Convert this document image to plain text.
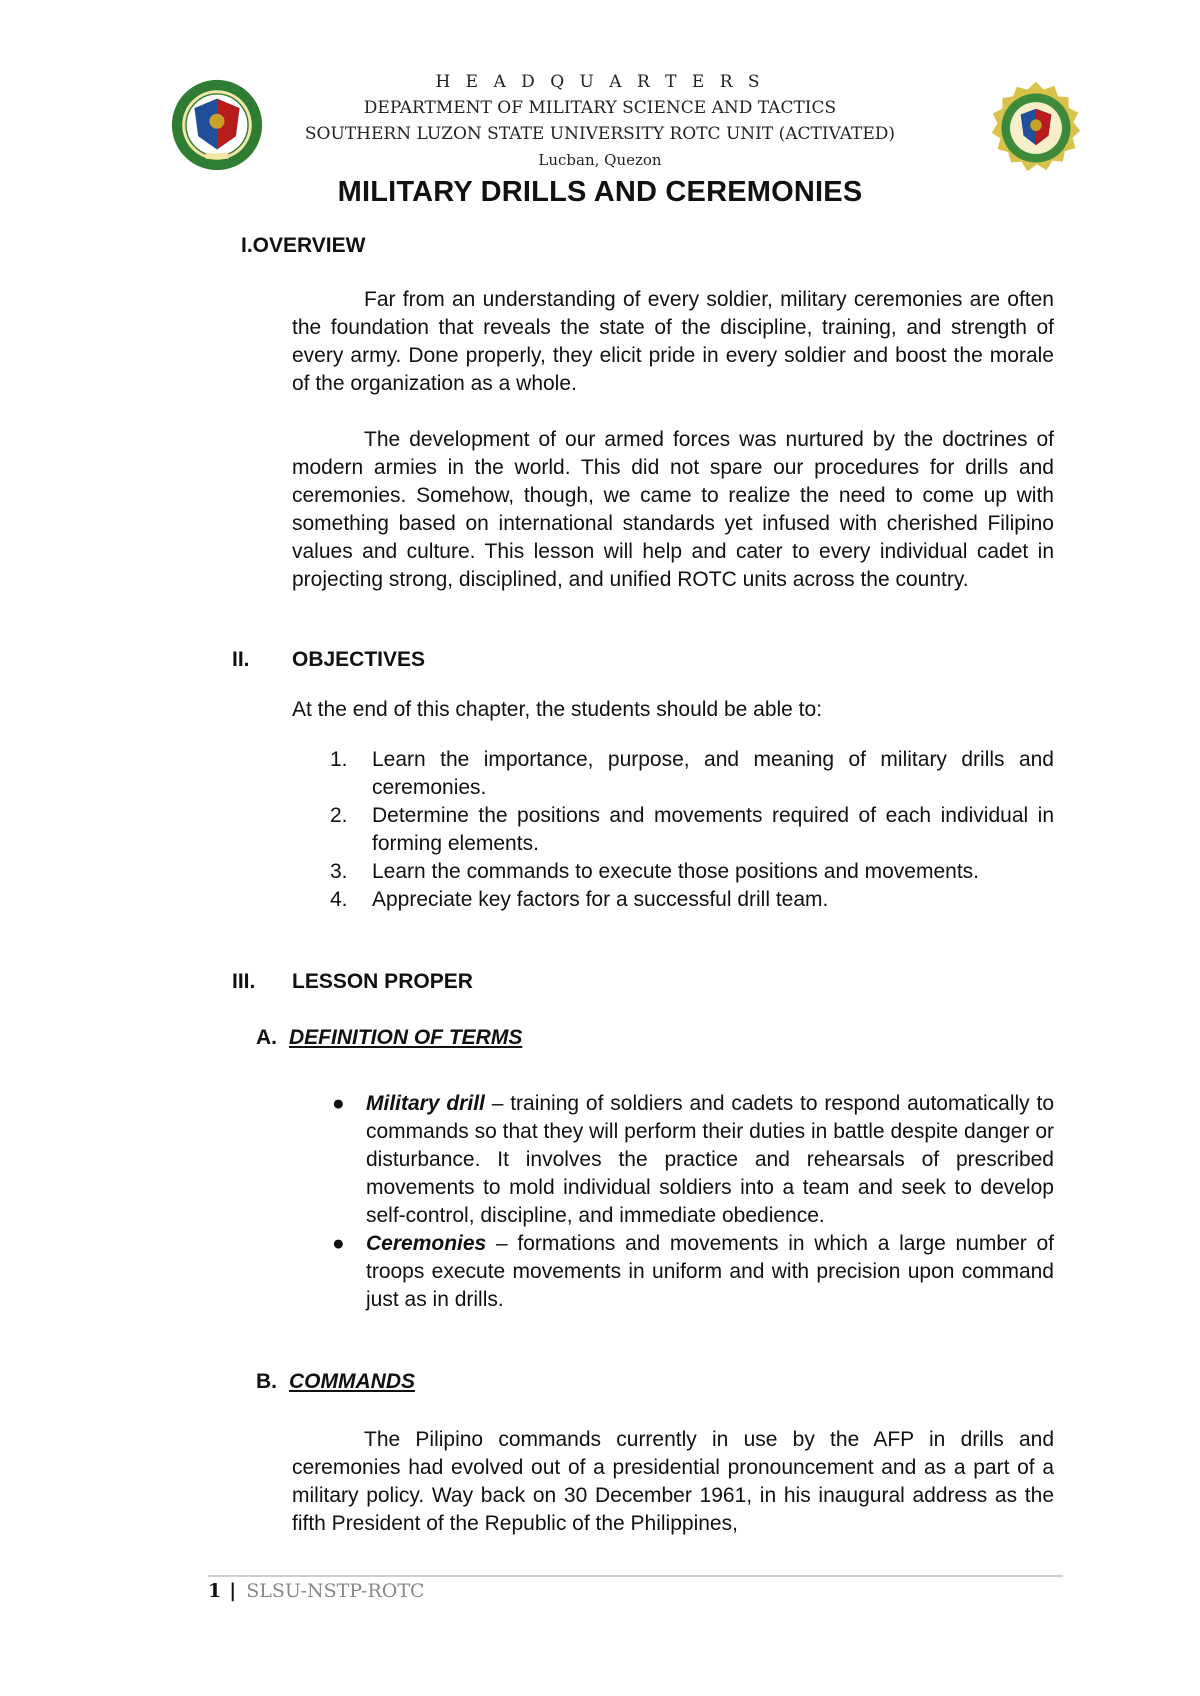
H E A D Q U A R T E R S
DEPARTMENT OF MILITARY SCIENCE AND TACTICS
SOUTHERN LUZON STATE UNIVERSITY ROTC UNIT (ACTIVATED)
Lucban, Quezon
MILITARY DRILLS AND CEREMONIES
I.OVERVIEW

Far from an understanding of every soldier, military ceremonies are often the foundation that reveals the state of the discipline, training, and strength of every army. Done properly, they elicit pride in every soldier and boost the morale of the organization as a whole.

The development of our armed forces was nurtured by the doctrines of modern armies in the world. This did not spare our procedures for drills and ceremonies. Somehow, though, we came to realize the need to come up with something based on international standards yet infused with cherished Filipino values and culture. This lesson will help and cater to every individual cadet in projecting strong, disciplined, and unified ROTC units across the country.

II. OBJECTIVES
At the end of this chapter, the students should be able to:
1. Learn the importance, purpose, and meaning of military drills and ceremonies.
2. Determine the positions and movements required of each individual in forming elements.
3. Learn the commands to execute those positions and movements.
4. Appreciate key factors for a successful drill team.
III. LESSON PROPER
A. DEFINITION OF TERMS
● Military drill – training of soldiers and cadets to respond automatically to commands so that they will perform their duties in battle despite danger or disturbance. It involves the practice and rehearsals of prescribed movements to mold individual soldiers into a team and seek to develop self-control, discipline, and immediate obedience.
● Ceremonies – formations and movements in which a large number of troops execute movements in uniform and with precision upon command just as in drills.
B. COMMANDS

The Pilipino commands currently in use by the AFP in drills and ceremonies had evolved out of a presidential pronouncement and as a part of a military policy. Way back on 30 December 1961, in his inaugural address as the fifth President of the Republic of the Philippines,

1 | SLSU-NSTP-ROTC
